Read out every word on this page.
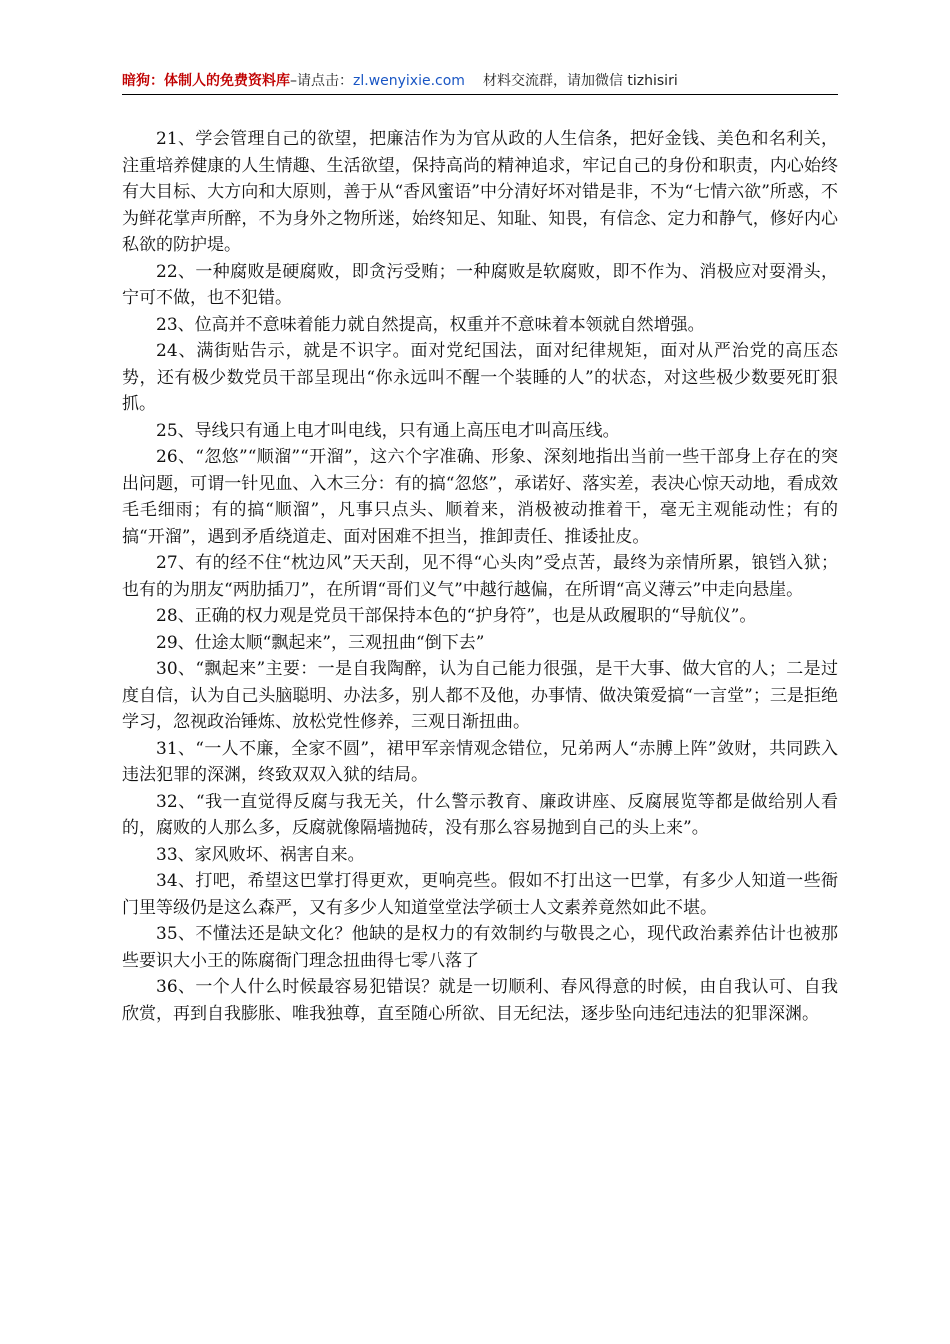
暗狗：体制人的免费资料库–请点击：zl.wenyixie.com 材料交流群，请加微信 tizhisiri

21、学会管理自己的欲望，把廉洁作为为官从政的人生信条，把好金钱、美色和名利关，注重培养健康的人生情趣、生活欲望，保持高尚的精神追求，牢记自己的身份和职责，内心始终有大目标、大方向和大原则，善于从“香风蜜语”中分清好坏对错是非，不为“七情六欲”所惑，不为鲜花掌声所醉，不为身外之物所迷，始终知足、知耻、知畏，有信念、定力和静气，修好内心私欲的防护堤。

22、一种腐败是硬腐败，即贪污受贿；一种腐败是软腐败，即不作为、消极应对耍滑头，宁可不做，也不犯错。

23、位高并不意味着能力就自然提高，权重并不意味着本领就自然增强。

24、满街贴告示，就是不识字。面对党纪国法，面对纪律规矩，面对从严治党的高压态势，还有极少数党员干部呈现出“你永远叫不醒一个装睡的人”的状态，对这些极少数要死盯狠抓。

25、导线只有通上电才叫电线，只有通上高压电才叫高压线。

26、“忽悠”“顺溜”“开溜”，这六个字准确、形象、深刻地指出当前一些干部身上存在的突出问题，可谓一针见血、入木三分：有的搞“忽悠”，承诺好、落实差，表决心惊天动地，看成效毛毛细雨；有的搞“顺溜”，凡事只点头、顺着来，消极被动推着干，毫无主观能动性；有的搞“开溜”，遇到矛盾绕道走、面对困难不担当，推卸责任、推诿扯皮。

27、有的经不住“枕边风”天天刮，见不得“心头肉”受点苦，最终为亲情所累，锒铛入狱；也有的为朋友“两肋插刀”，在所谓“哥们义气”中越行越偏，在所谓“高义薄云”中走向悬崖。

28、正确的权力观是党员干部保持本色的“护身符”，也是从政履职的“导航仪”。

29、仕途太顺“飘起来”，三观扭曲“倒下去”

30、“飘起来”主要：一是自我陶醉，认为自己能力很强，是干大事、做大官的人；二是过度自信，认为自己头脑聪明、办法多，别人都不及他，办事情、做决策爱搞“一言堂”；三是拒绝学习，忽视政治锤炼、放松党性修养，三观日渐扭曲。

31、“一人不廉，全家不圆”，裙甲军亲情观念错位，兄弟两人“赤膊上阵”敛财，共同跌入违法犯罪的深渊，终致双双入狱的结局。

32、“我一直觉得反腐与我无关，什么警示教育、廉政讲座、反腐展览等都是做给别人看的，腐败的人那么多，反腐就像隔墙抛砖，没有那么容易抛到自己的头上来”。

33、家风败坏、祸害自来。

34、打吧，希望这巴掌打得更欢，更响亮些。假如不打出这一巴掌，有多少人知道一些衙门里等级仍是这么森严，又有多少人知道堂堂法学硕士人文素养竟然如此不堪。

35、不懂法还是缺文化？他缺的是权力的有效制约与敬畏之心，现代政治素养估计也被那些要识大小王的陈腐衙门理念扭曲得七零八落了

36、一个人什么时候最容易犯错误？就是一切顺利、春风得意的时候，由自我认可、自我欣赏，再到自我膨胀、唯我独尊，直至随心所欲、目无纪法，逐步坠向违纪违法的犯罪深渊。
